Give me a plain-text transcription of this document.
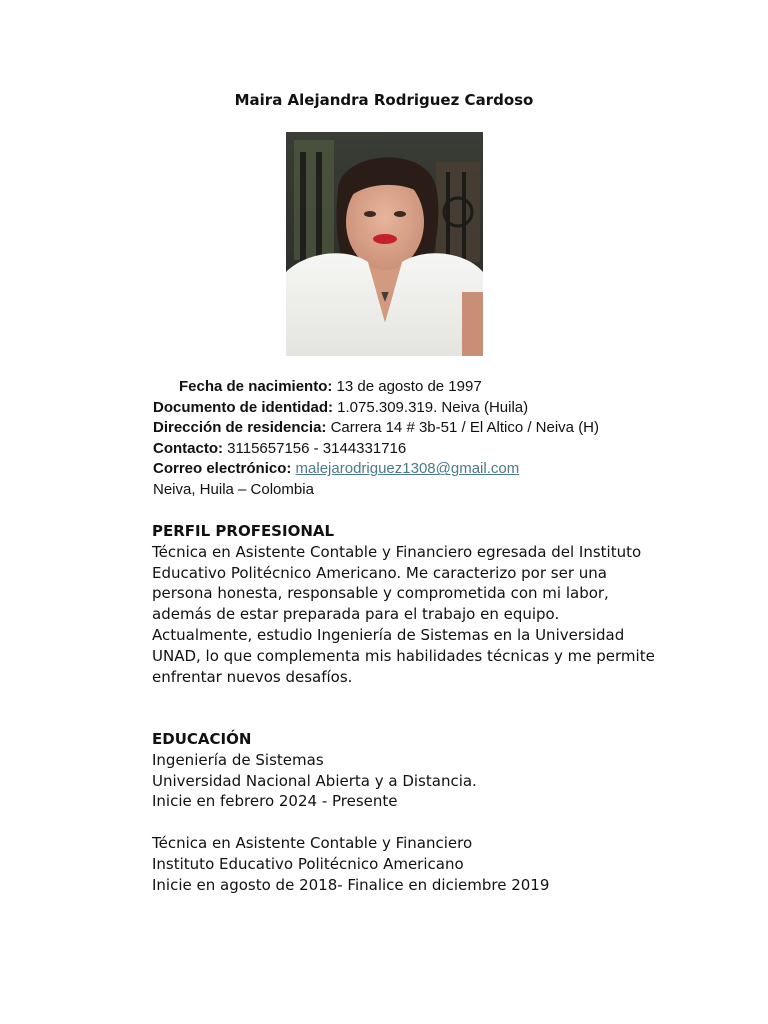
Maira Alejandra Rodriguez Cardoso
Fecha de nacimiento: 13 de agosto de 1997
Documento de identidad: 1.075.309.319. Neiva (Huila)
Dirección de residencia: Carrera 14 # 3b-51 / El Altico / Neiva (H)
Contacto: 3115657156 - 3144331716
Correo electrónico: malejarodriguez1308@gmail.com
Neiva, Huila – Colombia
PERFIL PROFESIONAL
Técnica en Asistente Contable y Financiero egresada del Instituto
Educativo Politécnico Americano. Me caracterizo por ser una
persona honesta, responsable y comprometida con mi labor,
además de estar preparada para el trabajo en equipo.
Actualmente, estudio Ingeniería de Sistemas en la Universidad
UNAD, lo que complementa mis habilidades técnicas y me permite
enfrentar nuevos desafíos.
EDUCACIÓN
Ingeniería de Sistemas
Universidad Nacional Abierta y a Distancia.
Inicie en febrero 2024 - Presente
Técnica en Asistente Contable y Financiero
Instituto Educativo Politécnico Americano
Inicie en agosto de 2018- Finalice en diciembre 2019
